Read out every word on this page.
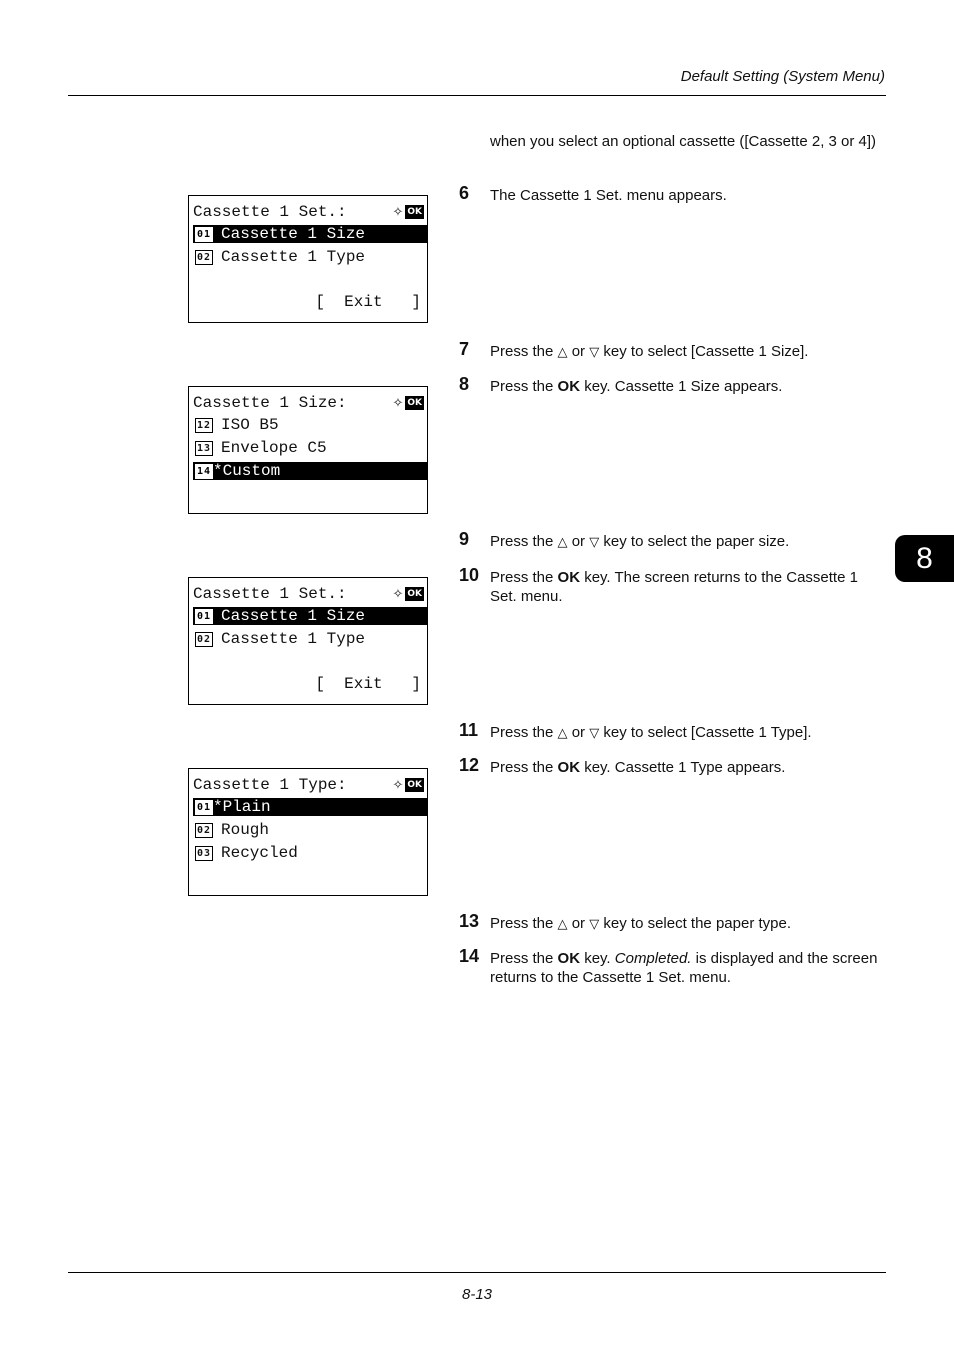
Default Setting (System Menu)
8
when you select an optional cassette ([Cassette 2, 3 or 4])
6 The Cassette 1 Set. menu appears.
7 Press the △ or ▽ key to select [Cassette 1 Size].
8 Press the OK key. Cassette 1 Size appears.
9 Press the △ or ▽ key to select the paper size.
10 Press the OK key. The screen returns to the Cassette 1 Set. menu.
11 Press the △ or ▽ key to select [Cassette 1 Type].
12 Press the OK key. Cassette 1 Type appears.
13 Press the △ or ▽ key to select the paper type.
14 Press the OK key. Completed. is displayed and the screen returns to the Cassette 1 Set. menu.
Cassette 1 Set.:	✧ OK
01 Cassette 1 Size
02 Cassette 1 Type
[  Exit   ]
Cassette 1 Size:	✧ OK
12 ISO B5
13 Envelope C5
14 *Custom
Cassette 1 Set.:	✧ OK
01 Cassette 1 Size
02 Cassette 1 Type
[  Exit   ]
Cassette 1 Type:	✧ OK
01 *Plain
02 Rough
03 Recycled
8-13
